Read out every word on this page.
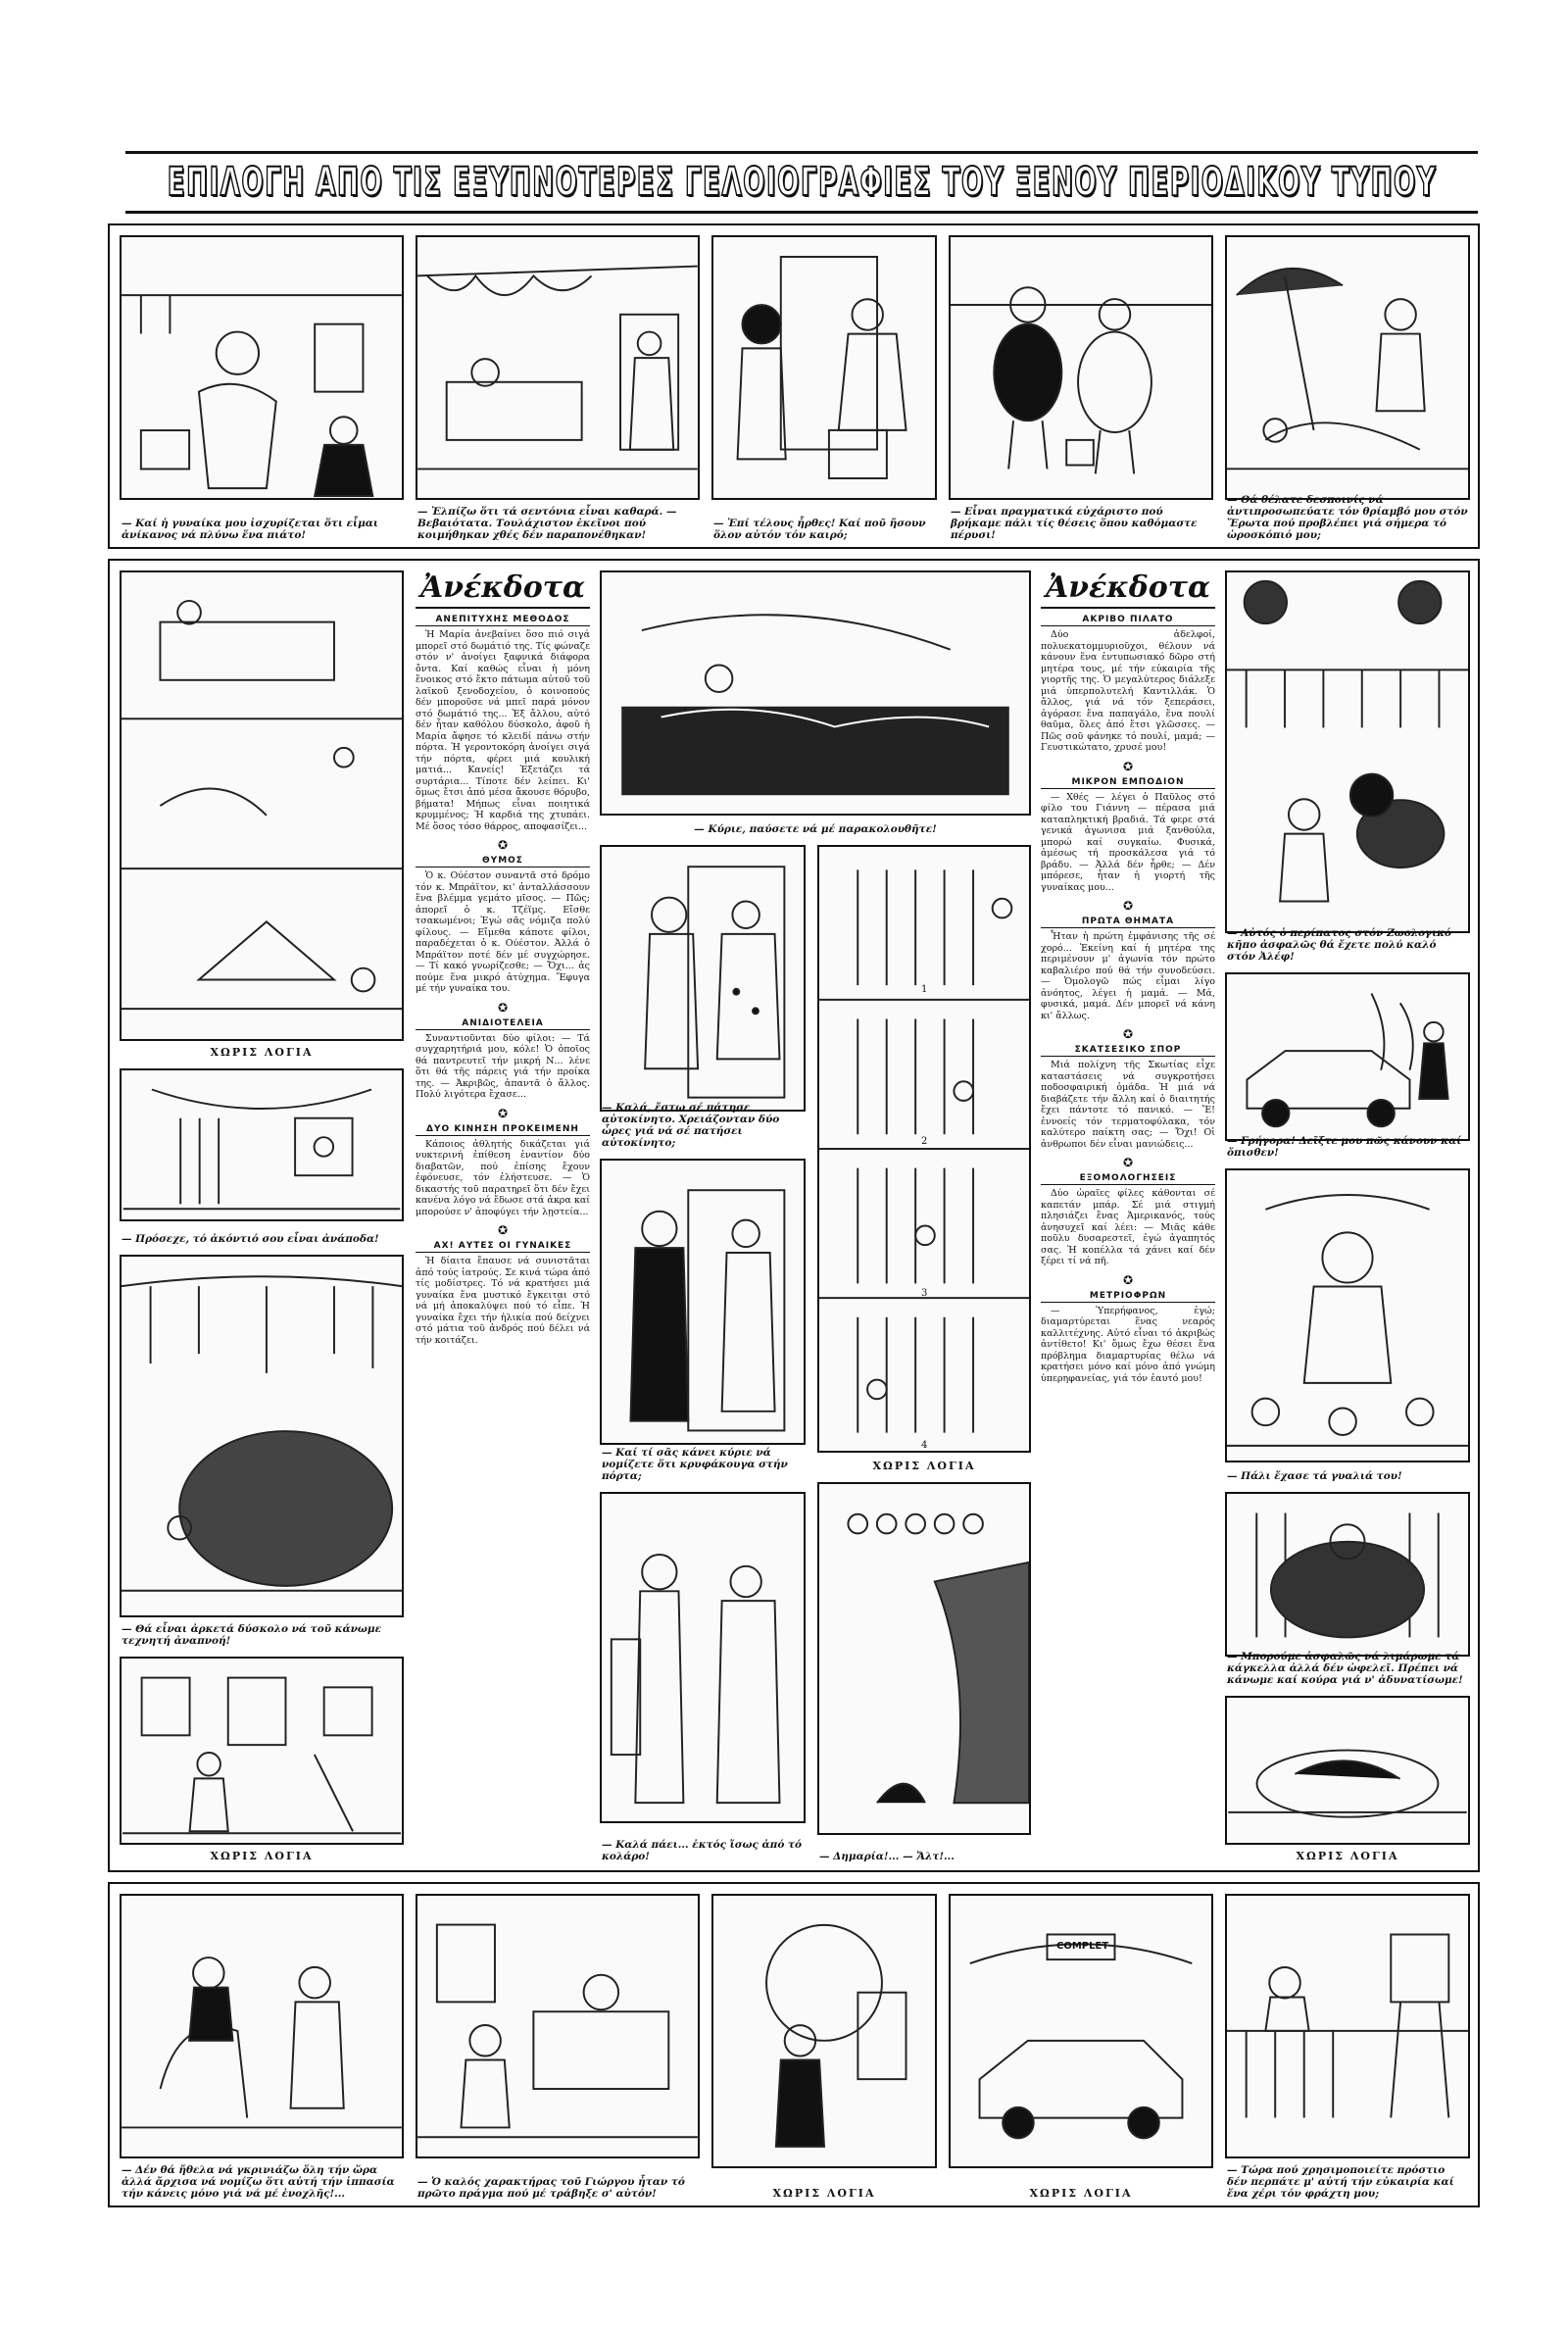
ΕΠΙΛΟΓΗ ΑΠΟ ΤΙΣ ΕΞΥΠΝΟΤΕΡΕΣ ΓΕΛΟΙΟΓΡΑΦΙΕΣ ΤΟΥ ΞΕΝΟΥ ΠΕΡΙΟΔΙΚΟΥ ΤΥΠΟΥ
— Καί ἡ γυναίκα μου ἰσχυρίζεται ὅτι εἶμαι ἀνίκανος νά πλύνω ἕνα πιάτο!
— Ἐλπίζω ὅτι τά σεντόνια εἶναι καθαρά. — Βεβαιότατα. Τουλάχιστον ἐκεῖνοι πού κοιμήθηκαν χθές δέν παραπονέθηκαν!
— Ἐπί τέλους ἦρθες! Καί ποῦ ἤσουν ὅλον αὐτόν τόν καιρό;
— Εἶναι πραγματικά εὐχάριστο πού βρήκαμε πάλι τίς θέσεις ὅπου καθόμαστε πέρυσι!
— Θά θέλατε δεσποινίς νά ἀντιπροσωπεύατε τόν θρίαμβό μου στόν Ἔρωτα πού προβλέπει γιά σήμερα τό ὡροσκόπιό μου;
ΧΩΡΙΣ ΛΟΓΙΑ
— Πρόσεχε, τό ἀκόντιό σου εἶναι ἀνάποδα!
— Θά εἶναι ἀρκετά δύσκολο νά τοῦ κάνωμε τεχνητή ἀναπνοή!
ΧΩΡΙΣ ΛΟΓΙΑ
Ἀνέκδοτα
ΑΝΕΠΙΤΥΧΗΣ ΜΕΘΟΔΟΣ

Ἡ Μαρία ἀνεβαίνει ὅσο πιό σιγά μπορεῖ στό δωμάτιό της. Τίς φώναζε στόν ν' ἀνοίγει ξαφνικά διάφορα ὄντα. Καί καθώς εἶναι ἡ μόνη ἔνοικος στό ἔκτο πάτωμα αὐτοῦ τοῦ λαϊκοῦ ξενοδοχείου, ὁ κοινοπούς δέν μποροῦσε νά μπεῖ παρά μόνον στό δωμάτιό της... Ἐξ ἄλλου, αὐτό δέν ἦταν καθόλου δύσκολο, ἀφοῦ ἡ Μαρία ἄφησε τό κλειδί πάνω στήν πόρτα. Ἡ γεροντοκόρη ἀνοίγει σιγά τήν πόρτα, φέρει μιά κουλική ματιά... Κανείς! Ἐξετάζει τά συρτάρια... Τίποτε δέν λείπει. Κι' ὅμως ἔτσι ἀπό μέσα ἄκουσε θόρυβο, βήματα! Μήπως εἶναι ποιητικά κρυμμένος; Ἡ καρδιά της χτυπάει. Μέ ὅσος τόσο θάρρος, αποφασίζει...

✪
ΘΥΜΟΣ

Ὁ κ. Ούέστον συναντᾶ στό δρόμο τόν κ. Μπράϊτον, κι' ἀνταλλάσσουν ἕνα βλέμμα γεμάτο μῖσος. — Πῶς; ἀπορεῖ ὁ κ. Τζέϊμς. Εἴσθε τσακωμένοι; Ἐγώ σᾶς νόμιζα πολύ φίλους. — Εἴμεθα κάποτε φίλοι, παραδέχεται ὁ κ. Ούέστον. Ἀλλά ὁ Μπράϊτον ποτέ δέν μέ συγχώρησε. — Τί κακό γνωρίζεσθε; — Ὄχι... ἀς πούμε ἕνα μικρό ἀτύχημα. Ἔφυγα μέ τήν γυναίκα του.

✪
ΑΝΙΔΙΟΤΕΛΕΙΑ

Συναντιοῦνται δύο φίλοι: — Τά συγχαρητήριά μου, κόλε! Ὁ ὁποῖος θά παντρευτεῖ τήν μικρή Ν... λένε ὅτι θά τῆς πάρεις γιά τήν προίκα της. — Ἀκριβῶς, ἀπαντᾶ ὁ ἄλλος. Πολύ λιγότερα ἔχασε...

✪
ΔΥΟ ΚΙΝΗΣΗ ΠΡΟΚΕΙΜΕΝΗ

Κάποιος ἀθλητής δικάζεται γιά νυκτερινή ἐπίθεση ἐναντίον δύο διαβατῶν, πού ἐπίσης ἔχουν ἐφόνευσε, τόν ἐλήστευσε. — Ὁ δικαστής τοῦ παρατηρεῖ ὅτι δέν ἔχει κανένα λόγο νά ἔδωσε στά ἀκρα καί μπορούσε ν' ἀποφύγει τήν λῃστεία...

✪
ΑΧ! ΑΥΤΕΣ ΟΙ ΓΥΝΑΙΚΕΣ

Ἡ δίαιτα ἔπαυσε νά συνιστᾶται ἀπό τούς ἰατρούς. Σε κινά τώρα ἀπό τίς μοδίστρες. Τό νά κρατήσει μιά γυναίκα ἕνα μυστικό ἔγκειται στό νά μή ἀποκαλύψει πού τό εἶπε. Ἡ γυναίκα ἔχει τήν ἡλικία πού δείχνει στό μάτια τοῦ ἀνδρός πού δέλει νά τήν κοιτάζει.

— Κύριε, παύσετε νά μέ παρακολουθῆτε!
— Καλά, ἔστω σέ πάτησε αὐτοκίνητο. Χρειάζονταν δύο ὧρες γιά νά σέ πατήσει αὐτοκίνητο;
— Καί τί σᾶς κάνει κύριε νά νομίζετε ὅτι κρυφάκουγα στήν πόρτα;
— Καλά πάει... ἐκτός ἴσως ἀπό τό κολάρο!
1
2
3
4
ΧΩΡΙΣ ΛΟΓΙΑ
— Δημαρία!... — Ἄλτ!...
Ἀνέκδοτα
ΑΚΡΙΒΟ ΠΙΛΑΤΟ

Δύο ἀδελφοί, πολυεκατομμυριοῦχοι, θέλουν νά κάνουν ἕνα ἐντυπωσιακό δῶρο στή μητέρα τους, μέ τήν εὐκαιρία τῆς γιορτῆς της. Ὁ μεγαλύτερος διάλεξε μιά ὑπερπολυτελή Καντιλλάκ. Ὁ ἄλλος, γιά νά τόν ξεπεράσει, ἀγόρασε ἕνα παπαγάλο, ἕνα πουλί θαῦμα, ὅλες ἀπό ἔτσι γλῶσσες. — Πῶς σοῦ φάνηκε τό πουλί, μαμά; — Γευστικώτατο, χρυσέ μου!

✪
ΜΙΚΡΟΝ ΕΜΠΟΔΙΟΝ

— Χθές — λέγει ὁ Παῦλος στό φίλο του Γιάννη — πέρασα μιά καταπληκτική βραδιά. Τά φερε στά γενικά ἀγωνισα μιά ξανθούλα, μπορώ καί συγκαίω. Φυσικά, ἀμέσως τή προσκάλεσα γιά τό βράδυ. — Ἀλλά δέν ἦρθε; — Δέν μπόρεσε, ἦταν ἡ γιορτή τῆς γυναίκας μου...

✪
ΠΡΩΤΑ ΘΗΜΑΤΑ

Ἦταν ἡ πρώτη ἐμφάνισης τῆς σέ χορό... Ἐκείνη καί ἡ μητέρα της περιμένουν μ' ἀγωνία τόν πρώτο καβαλιέρο πού θά τήν συνοδεύσει. — Ὁμολογῶ πώς εἶμαι λίγο ἀνόητος, λέγει ἡ μαμά. — Μά, φυσικά, μαμά. Δέν μπορεῖ νά κάνη κι' ἄλλως.

✪
ΣΚΑΤΣΕΣΙΚΟ ΣΠΟΡ

Μιά πολίχνη τῆς Σκωτίας εἶχε καταστάσεις νά συγκροτήσει ποδοσφαιρική ὁμάδα. Ἡ μιά νά διαβάζετε τήν ἄλλη καί ὁ διαιτητής ἔχει πάντοτε τό πανικό. — Ἔ! ἐννοείς τόν τερματοφύλακα, τόν καλύτερο παίκτη σας; — Ὄχι! Οἱ ἀνθρωποι δέν εἶναι μανιώδεις...

✪
ΕΞΟΜΟΛΟΓΗΣΕΙΣ

Δύο ὡραῖες φίλες κάθονται σέ καπετάν μπάρ. Σέ μιά στιγμή πλησιάζει ἕνας Ἀμερικανός, τούς ἀνησυχεῖ καί λέει: — Μιᾶς κάθε ποῦλυ δυσαρεστεῖ, ἐγώ ἀγαπητός σας. Ἡ κοπέλλα τά χάνει καί δέν ξέρει τί νά πῆ.

✪
ΜΕΤΡΙΟΦΡΩΝ

— Ὑπερήφανος, ἐγώ; διαμαρτύρεται ἕνας νεαρός καλλιτέχνης. Αὐτό εἶναι τό ἀκριβώς ἀντίθετο! Κι' ὅμως ἔχω θέσει ἕνα πρόβλημα διαμαρτυρίας θέλω νά κρατήσει μόνο καί μόνο ἀπό γνώμη ὑπερηφανείας, γιά τόν ἐαυτό μου!

— Αὐτός ὁ περίπατος στόν Ζωολογικό κῆπο ἀσφαλῶς θά ἔχετε πολύ καλό στόν Ἀλέφ!
— Γρήγορα! Δεῖξτε μου πῶς κάνουν καί ὄπισθεν!
— Πάλι ἔχασε τά γυαλιά του!
— Μπορούμε ἀσφαλῶς νά λιμάρωμε τά κάγκελλα ἀλλά δέν ὠφελεῖ. Πρέπει νά κάνωμε καί κούρα γιά ν' ἀδυνατίσωμε!
ΧΩΡΙΣ ΛΟΓΙΑ
— Δέν θά ἤθελα νά γκρινιάζω ὅλη τήν ὥρα ἀλλά ἄρχισα νά νομίζω ὅτι αὐτή τήν ἱππασία τήν κάνεις μόνο γιά νά μέ ἐνοχλῆς!...
— Ὁ καλός χαρακτήρας τοῦ Γιώργου ἦταν τό πρῶτο πράγμα πού μέ τράβηξε σ' αὐτόν!	ΧΩΡΙΣ ΛΟΓΙΑ
COMPLET
ΧΩΡΙΣ ΛΟΓΙΑ
— Τώρα πού χρησιμοποιείτε πρόστιο δέν περπάτε μ' αὐτή τήν εὐκαιρία καί ἕνα χέρι τόν φράχτη μου;
